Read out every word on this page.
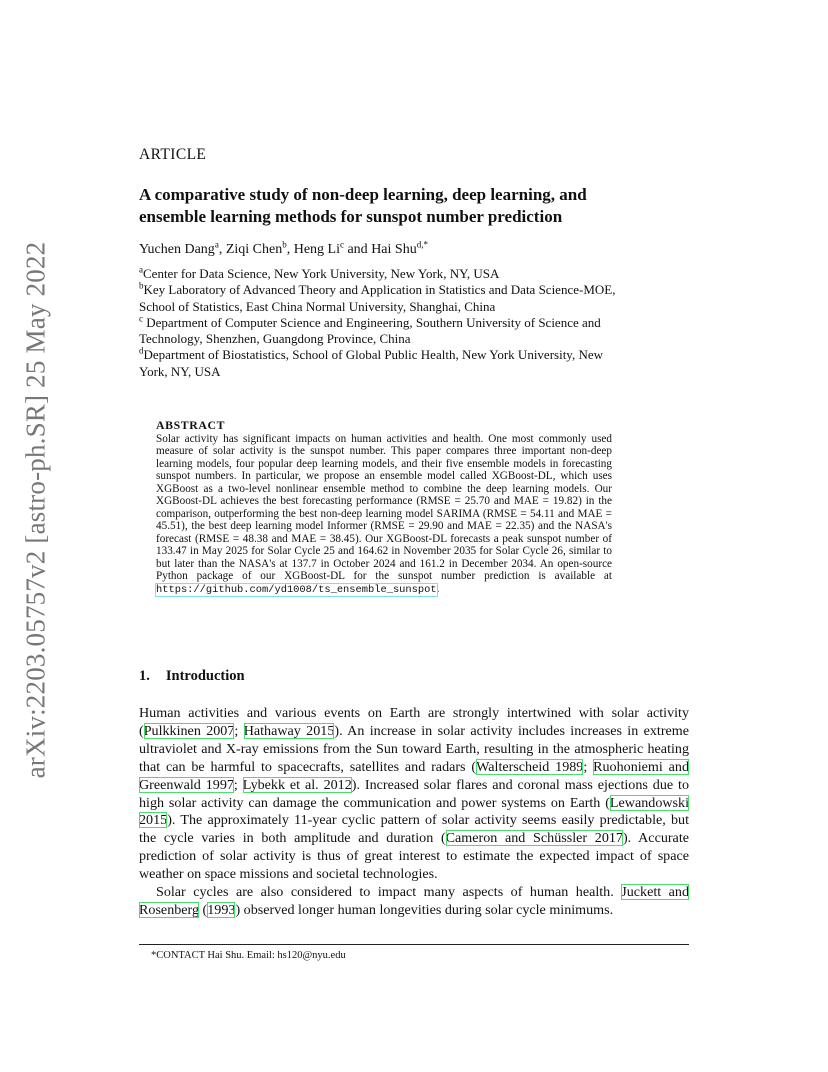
arXiv:2203.05757v2 [astro-ph.SR] 25 May 2022
ARTICLE
A comparative study of non-deep learning, deep learning, and
ensemble learning methods for sunspot number prediction
Yuchen Dang$^a$, Ziqi Chen$^b$, Heng Li$^c$ and Hai Shu$^{d,*}$

$^a$Center for Data Science, New York University, New York, NY, USA

$^b$Key Laboratory of Advanced Theory and Application in Statistics and Data Science-MOE,
School of Statistics, East China Normal University, Shanghai, China

$^c$ Department of Computer Science and Engineering, Southern University of Science and
Technology, Shenzhen, Guangdong Province, China

$^d$Department of Biostatistics, School of Global Public Health, New York University, New
York, NY, USA

ABSTRACT
Solar activity has significant impacts on human activities and health. One most commonly used measure of solar activity is the sunspot number. This paper compares three important non-deep learning models, four popular deep learning models, and their five ensemble models in forecasting sunspot numbers. In particular, we propose an ensemble model called XGBoost-DL, which uses XGBoost as a two-level nonlinear ensemble method to combine the deep learning models. Our XGBoost-DL achieves the best forecasting performance (RMSE = 25.70 and MAE = 19.82) in the comparison, outperforming the best non-deep learning model SARIMA (RMSE = 54.11 and MAE = 45.51), the best deep learning model Informer (RMSE = 29.90 and MAE = 22.35) and the NASA's forecast (RMSE = 48.38 and MAE = 38.45). Our XGBoost-DL forecasts a peak sunspot number of 133.47 in May 2025 for Solar Cycle 25 and 164.62 in November 2035 for Solar Cycle 26, similar to but later than the NASA's at 137.7 in October 2024 and 161.2 in December 2034. An open-source Python package of our XGBoost-DL for the sunspot number prediction is available at https://github.com/yd1008/ts_ensemble_sunspot.
1. Introduction

Human activities and various events on Earth are strongly intertwined with solar activity (Pulkkinen 2007; Hathaway 2015). An increase in solar activity includes increases in extreme ultraviolet and X-ray emissions from the Sun toward Earth, resulting in the atmospheric heating that can be harmful to spacecrafts, satellites and radars (Walterscheid 1989; Ruohoniemi and Greenwald 1997; Lybekk et al. 2012). Increased solar flares and coronal mass ejections due to high solar activity can damage the communication and power systems on Earth (Lewandowski 2015). The approximately 11-year cyclic pattern of solar activity seems easily predictable, but the cycle varies in both amplitude and duration (Cameron and Schüssler 2017). Accurate prediction of solar activity is thus of great interest to estimate the expected impact of space weather on space missions and societal technologies.

Solar cycles are also considered to impact many aspects of human health. Juckett and Rosenberg (1993) observed longer human longevities during solar cycle minimums.

*CONTACT Hai Shu. Email: hs120@nyu.edu
